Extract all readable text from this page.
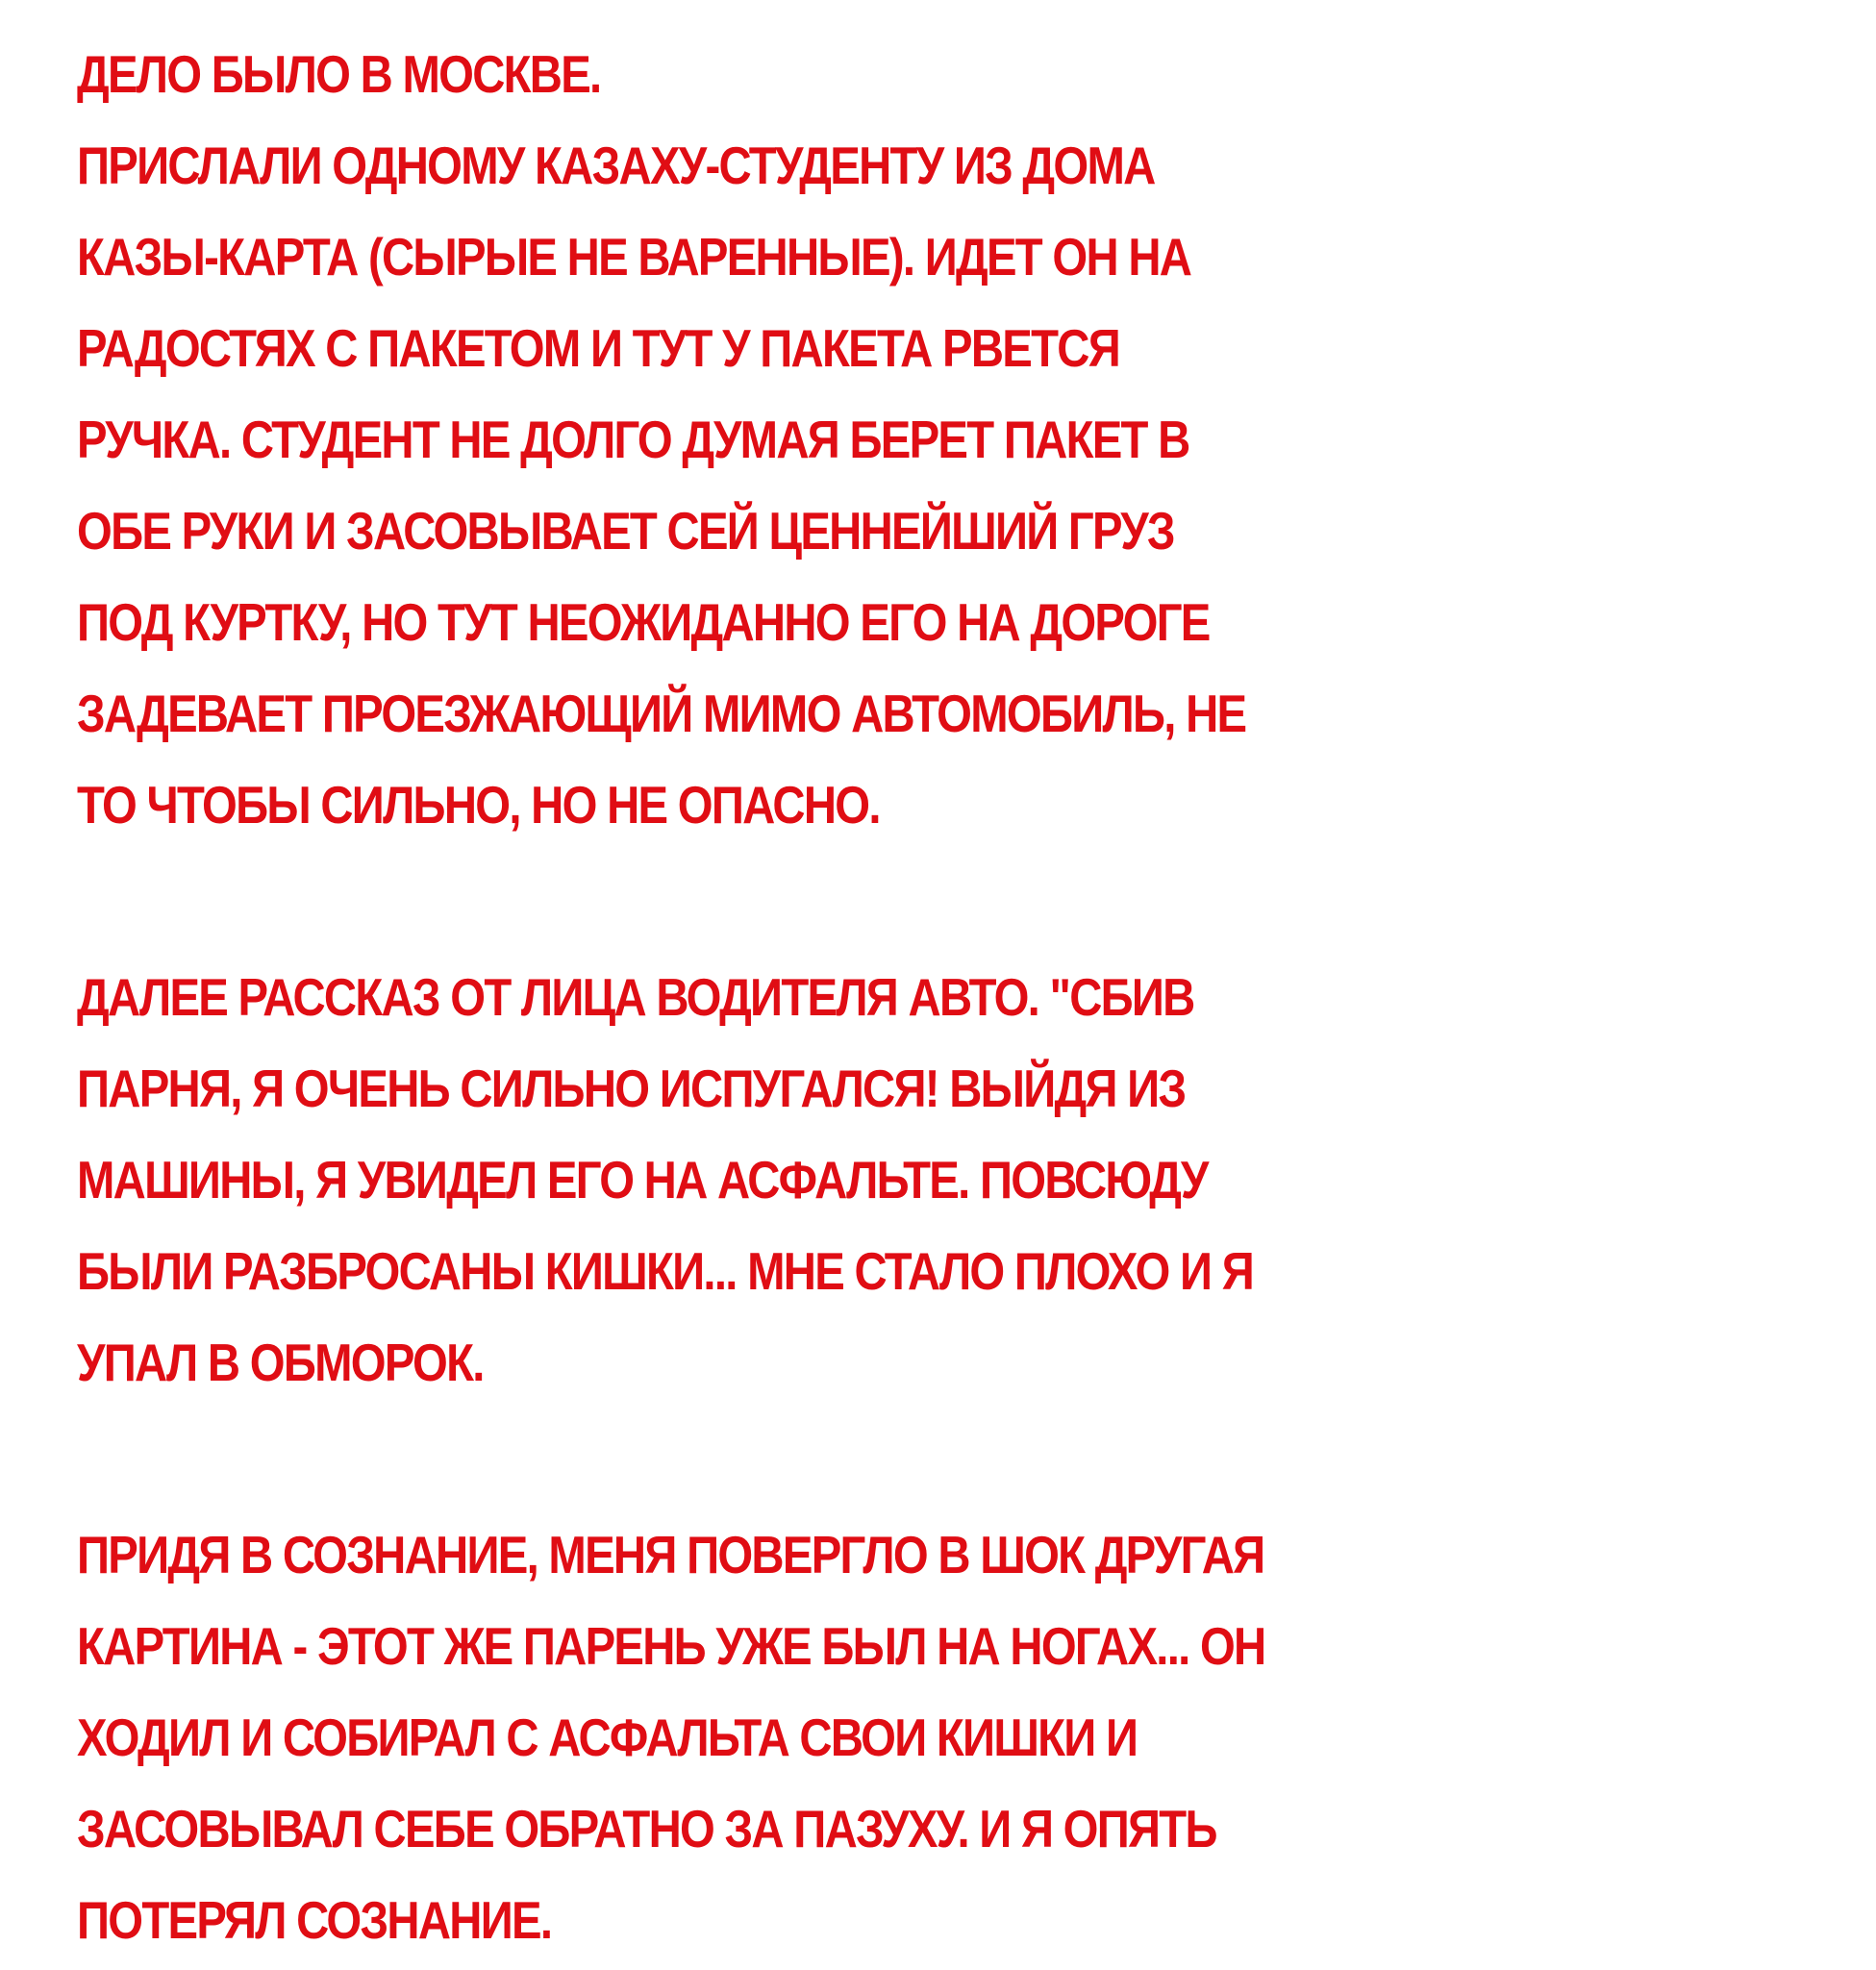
ДЕЛО БЫЛО В МОСКВЕ.
ПРИСЛАЛИ ОДНОМУ КАЗАХУ-СТУДЕНТУ ИЗ ДОМА
КАЗЫ-КАРТА (СЫРЫЕ НЕ ВАРЕННЫЕ). ИДЕТ ОН НА
РАДОСТЯХ С ПАКЕТОМ И ТУТ У ПАКЕТА РВЕТСЯ
РУЧКА. СТУДЕНТ НЕ ДОЛГО ДУМАЯ БЕРЕТ ПАКЕТ В
ОБЕ РУКИ И ЗАСОВЫВАЕТ СЕЙ ЦЕННЕЙШИЙ ГРУЗ
ПОД КУРТКУ, НО ТУТ НЕОЖИДАННО ЕГО НА ДОРОГЕ
ЗАДЕВАЕТ ПРОЕЗЖАЮЩИЙ МИМО АВТОМОБИЛЬ, НЕ
ТО ЧТОБЫ СИЛЬНО, НО НЕ ОПАСНО.
ДАЛЕЕ РАССКАЗ ОТ ЛИЦА ВОДИТЕЛЯ АВТО. "СБИВ
ПАРНЯ, Я ОЧЕНЬ СИЛЬНО ИСПУГАЛСЯ! ВЫЙДЯ ИЗ
МАШИНЫ, Я УВИДЕЛ ЕГО НА АСФАЛЬТЕ. ПОВСЮДУ
БЫЛИ РАЗБРОСАНЫ КИШКИ... МНЕ СТАЛО ПЛОХО И Я
УПАЛ В ОБМОРОК.
ПРИДЯ В СОЗНАНИЕ, МЕНЯ ПОВЕРГЛО В ШОК ДРУГАЯ
КАРТИНА - ЭТОТ ЖЕ ПАРЕНЬ УЖЕ БЫЛ НА НОГАХ... ОН
ХОДИЛ И СОБИРАЛ С АСФАЛЬТА СВОИ КИШКИ И
ЗАСОВЫВАЛ СЕБЕ ОБРАТНО ЗА ПАЗУХУ. И Я ОПЯТЬ
ПОТЕРЯЛ СОЗНАНИЕ.
